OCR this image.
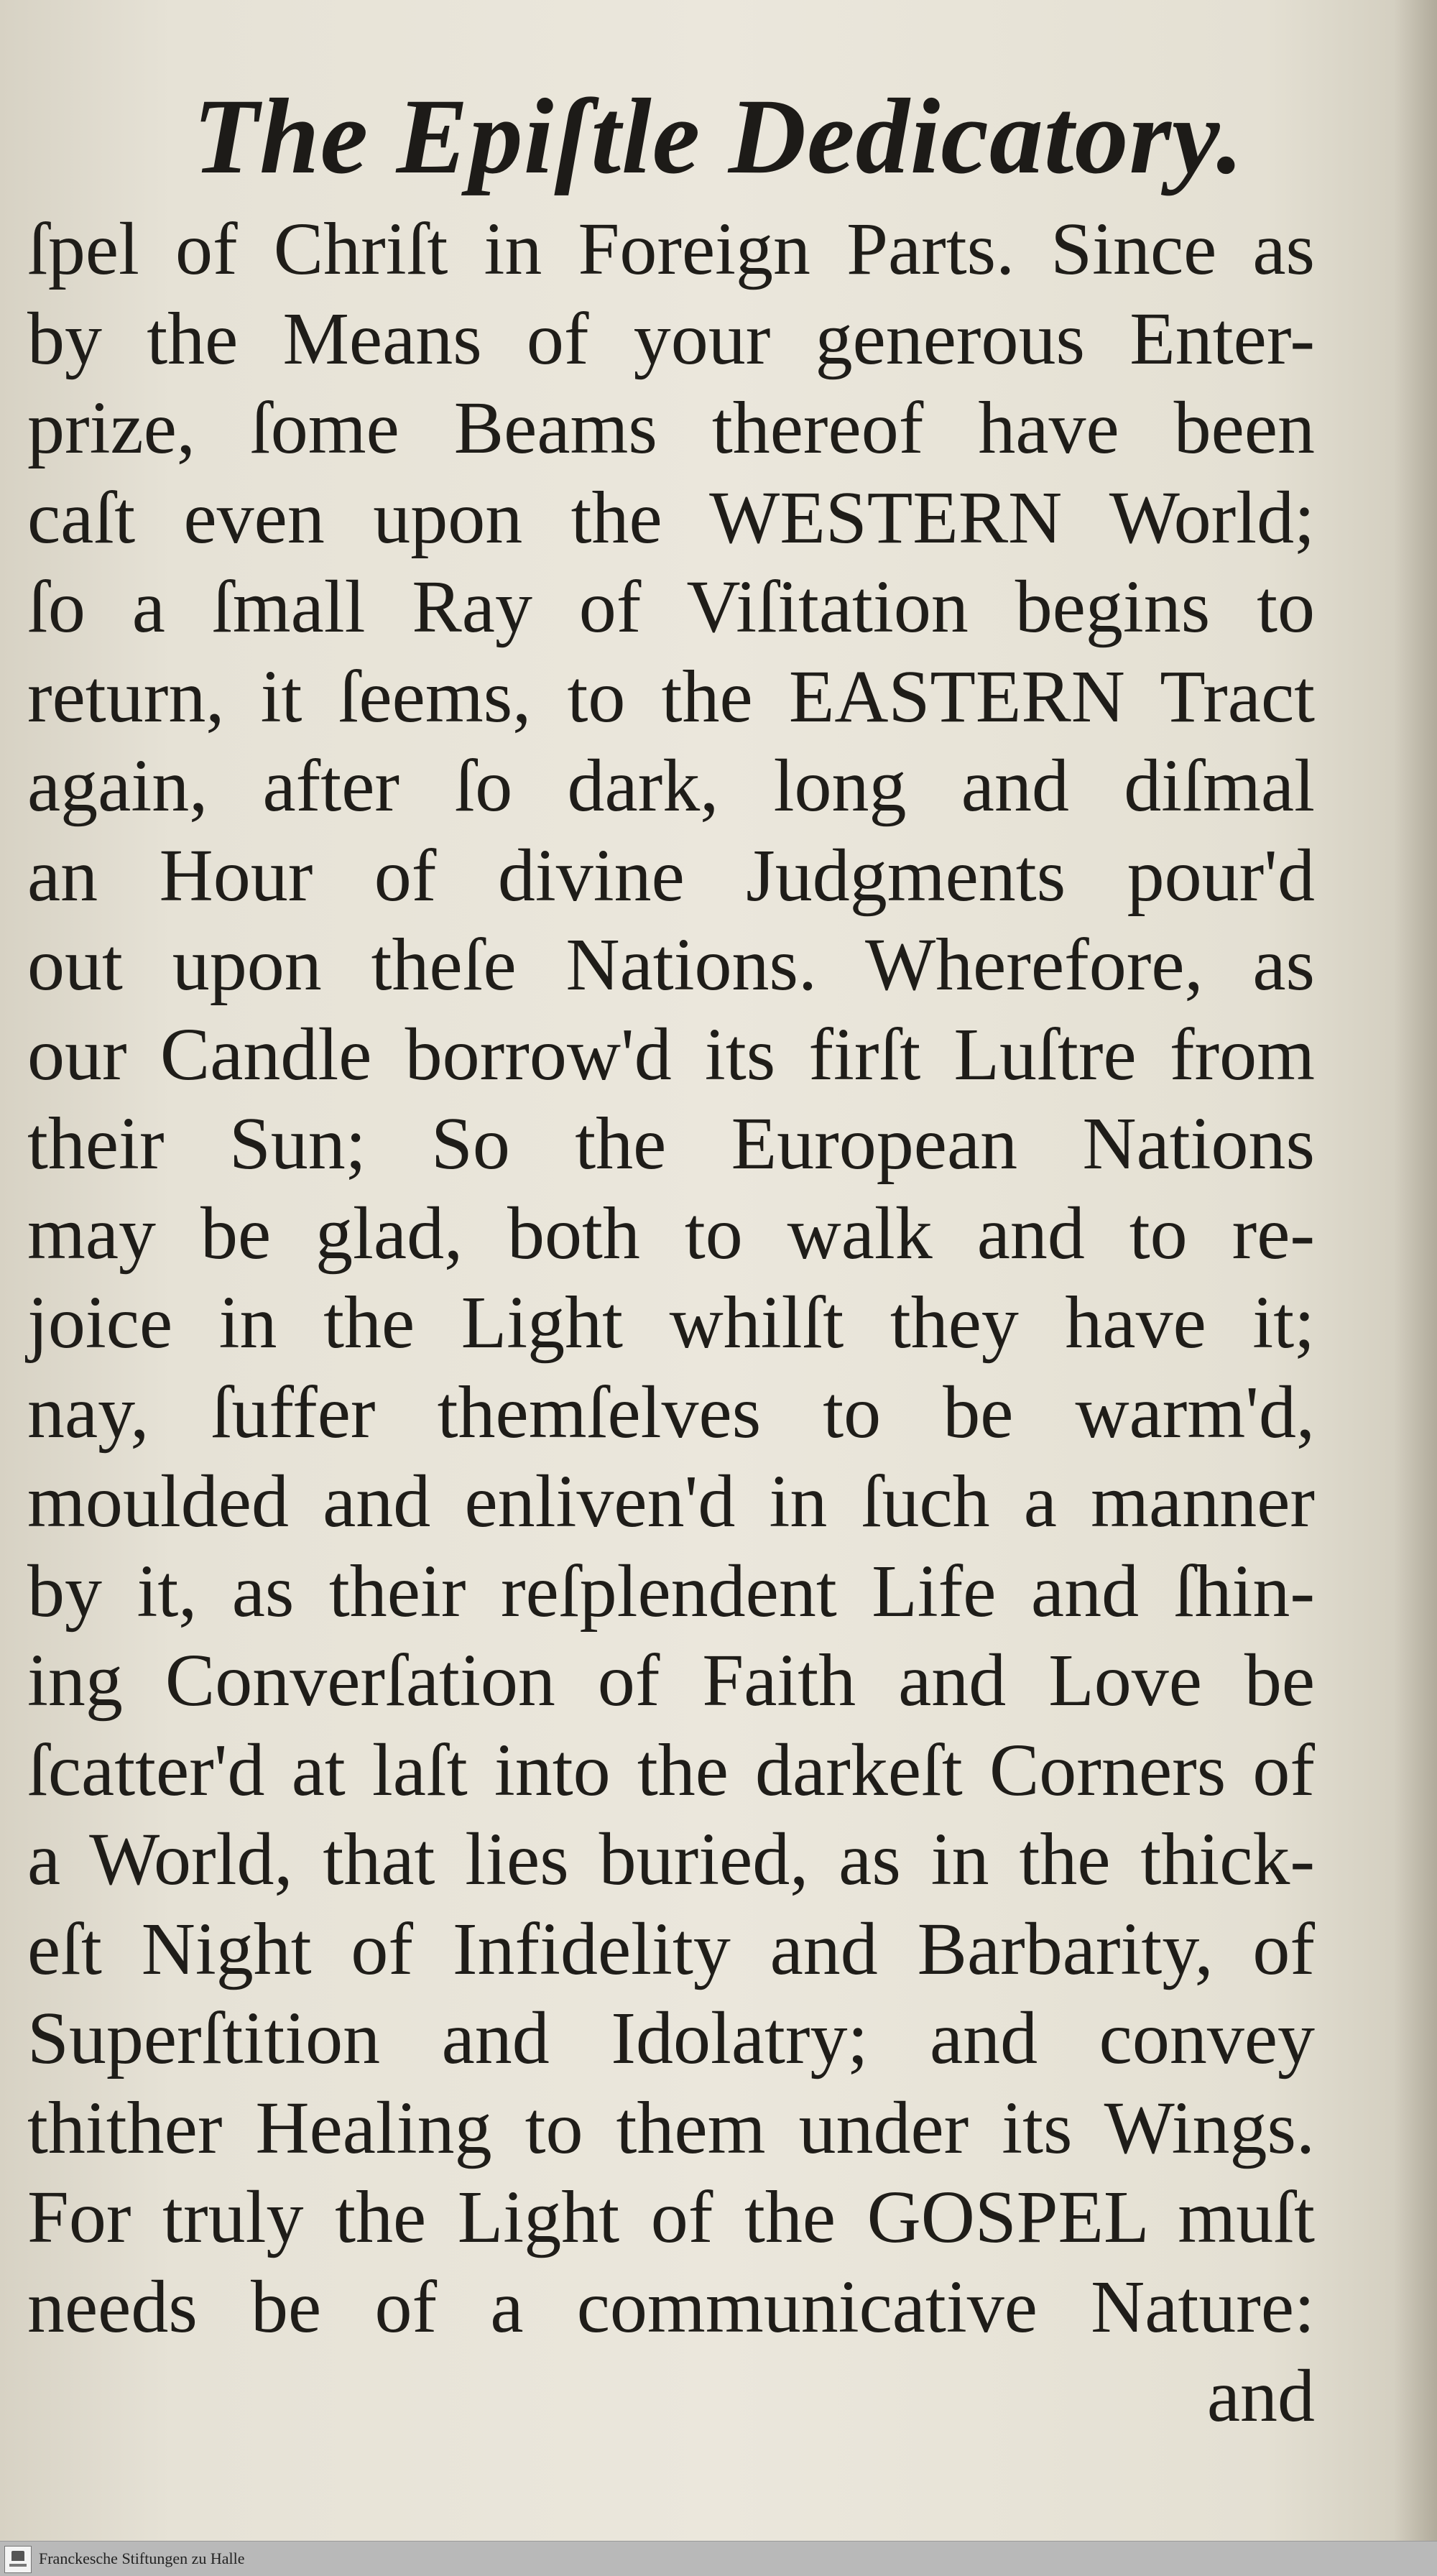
The Epiſtle Dedicatory.
ſpel of Chriſt in Foreign Parts. Since as
by the Means of your generous Enter-
prize, ſome Beams thereof have been
caſt even upon the WESTERN World;
ſo a ſmall Ray of Viſitation begins to
return, it ſeems, to the EASTERN Tract
again, after ſo dark, long and diſmal
an Hour of divine Judgments pour'd
out upon theſe Nations. Wherefore, as
our Candle borrow'd its firſt Luſtre from
their Sun; So the European Nations
may be glad, both to walk and to re-
joice in the Light whilſt they have it;
nay, ſuffer themſelves to be warm'd,
moulded and enliven'd in ſuch a manner
by it, as their reſplendent Life and ſhin-
ing Converſation of Faith and Love be
ſcatter'd at laſt into the darkeſt Corners of
a World, that lies buried, as in the thick-
eſt Night of Infidelity and Barbarity, of
Superſtition and Idolatry; and convey
thither Healing to them under its Wings.
For truly the Light of the GOSPEL muſt
needs be of a communicative Nature:
and
Franckesche Stiftungen zu Halle
